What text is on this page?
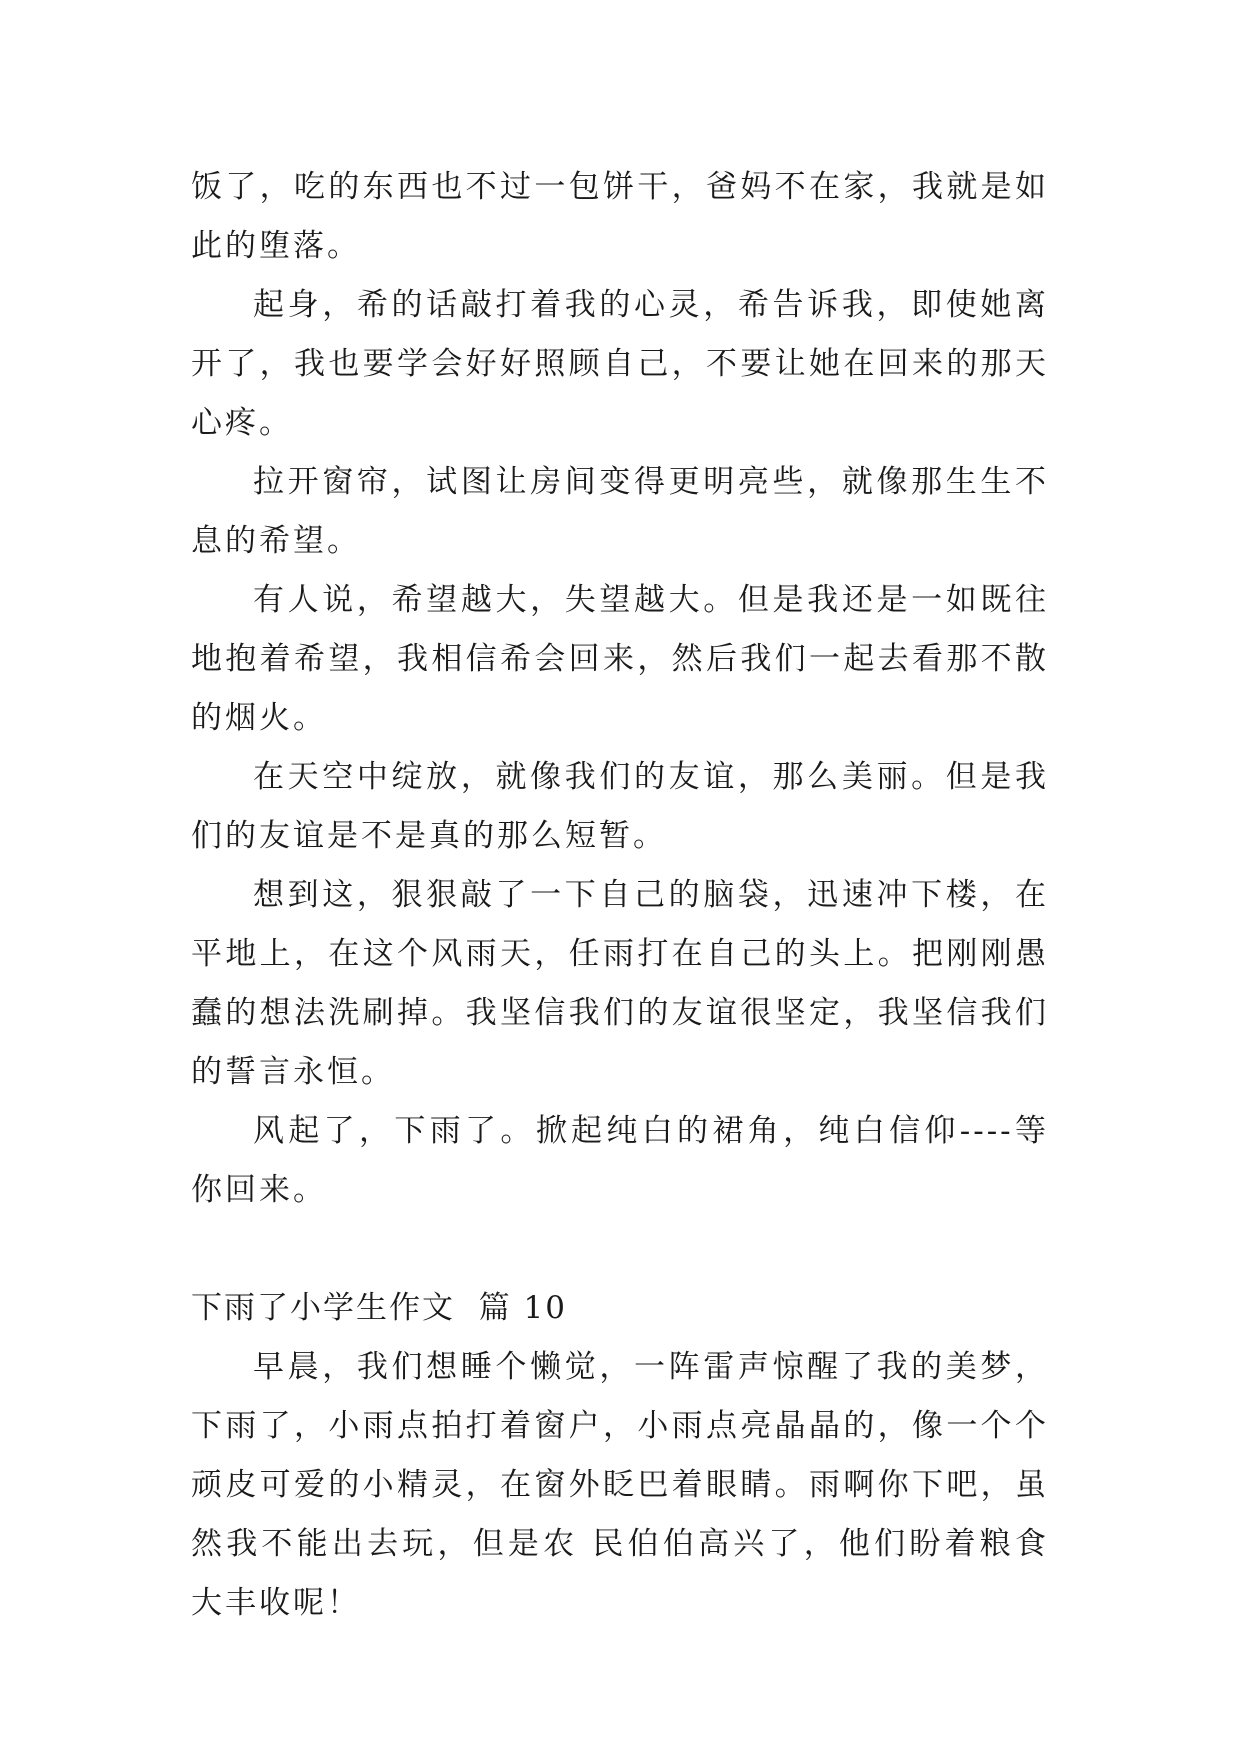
饭了，吃的东西也不过一包饼干，爸妈不在家，我就是如此的堕落。

起身，希的话敲打着我的心灵，希告诉我，即使她离开了，我也要学会好好照顾自己，不要让她在回来的那天心疼。

拉开窗帘，试图让房间变得更明亮些，就像那生生不息的希望。

有人说，希望越大，失望越大。但是我还是一如既往地抱着希望，我相信希会回来，然后我们一起去看那不散的烟火。

在天空中绽放，就像我们的友谊，那么美丽。但是我们的友谊是不是真的那么短暂。

想到这，狠狠敲了一下自己的脑袋，迅速冲下楼，在平地上，在这个风雨天，任雨打在自己的头上。把刚刚愚蠢的想法洗刷掉。我坚信我们的友谊很坚定，我坚信我们的誓言永恒。

风起了，下雨了。掀起纯白的裙角，纯白信仰----等你回来。

下雨了小学生作文  篇 10

早晨，我们想睡个懒觉，一阵雷声惊醒了我的美梦，下雨了，小雨点拍打着窗户，小雨点亮晶晶的，像一个个顽皮可爱的小精灵，在窗外眨巴着眼睛。雨啊你下吧，虽然我不能出去玩，但是农 民伯伯高兴了，他们盼着粮食大丰收呢！
